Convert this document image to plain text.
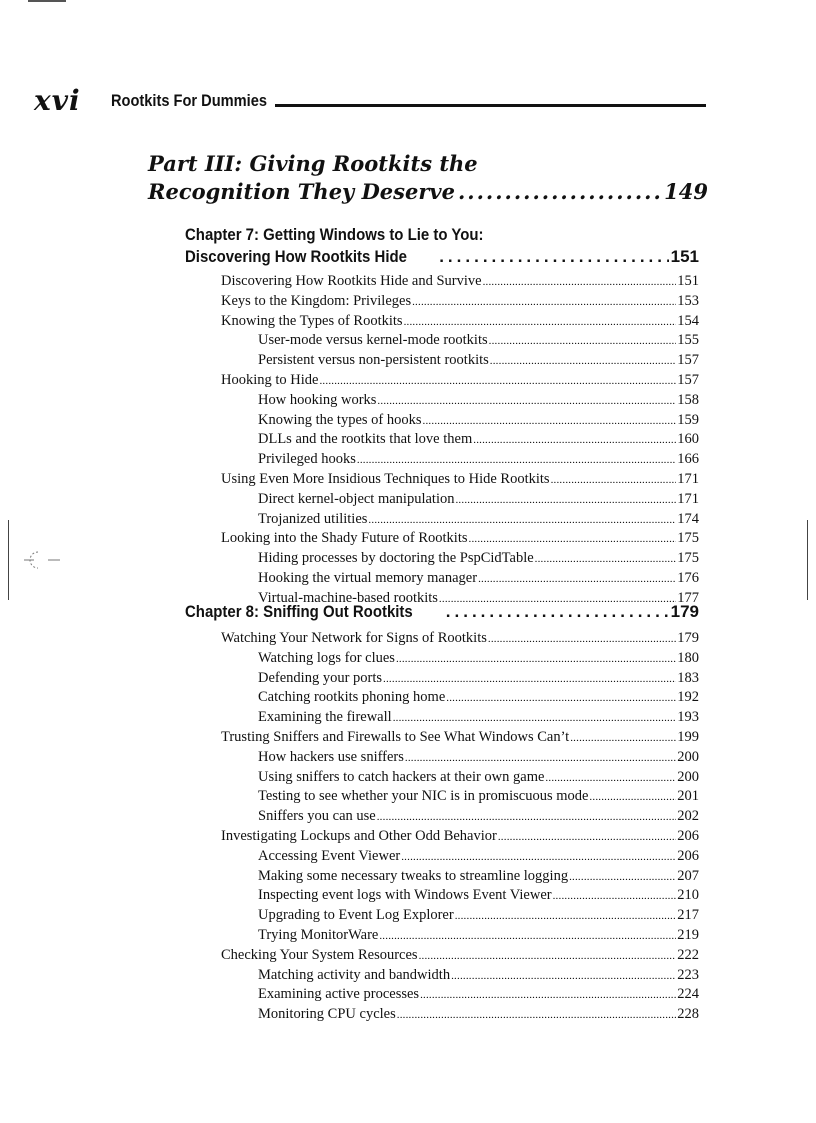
xvi Rootkits For Dummies
Part III: Giving Rootkits the
Recognition They Deserve .....	149
Chapter 7: Getting Windows to Lie to You:
Discovering How Rootkits Hide .....	151
Discovering How Rootkits Hide and Survive .....	151
Keys to the Kingdom: Privileges .....	153
Knowing the Types of Rootkits .....	154
User-mode versus kernel-mode rootkits .....	155
Persistent versus non-persistent rootkits .....	157
Hooking to Hide .....	157
How hooking works .....	158
Knowing the types of hooks .....	159
DLLs and the rootkits that love them .....	160
Privileged hooks .....	166
Using Even More Insidious Techniques to Hide Rootkits .....	171
Direct kernel-object manipulation .....	171
Trojanized utilities .....	174
Looking into the Shady Future of Rootkits .....	175
Hiding processes by doctoring the PspCidTable .....	175
Hooking the virtual memory manager .....	176
Virtual-machine-based rootkits .....	177
Chapter 8: Sniffing Out Rootkits .....	179
Watching Your Network for Signs of Rootkits .....	179
Watching logs for clues .....	180
Defending your ports .....	183
Catching rootkits phoning home .....	192
Examining the firewall .....	193
Trusting Sniffers and Firewalls to See What Windows Can’t .....	199
How hackers use sniffers .....	200
Using sniffers to catch hackers at their own game .....	200
Testing to see whether your NIC is in promiscuous mode .....	201
Sniffers you can use .....	202
Investigating Lockups and Other Odd Behavior .....	206
Accessing Event Viewer .....	206
Making some necessary tweaks to streamline logging .....	207
Inspecting event logs with Windows Event Viewer .....	210
Upgrading to Event Log Explorer .....	217
Trying MonitorWare .....	219
Checking Your System Resources .....	222
Matching activity and bandwidth .....	223
Examining active processes .....	224
Monitoring CPU cycles .....	228
